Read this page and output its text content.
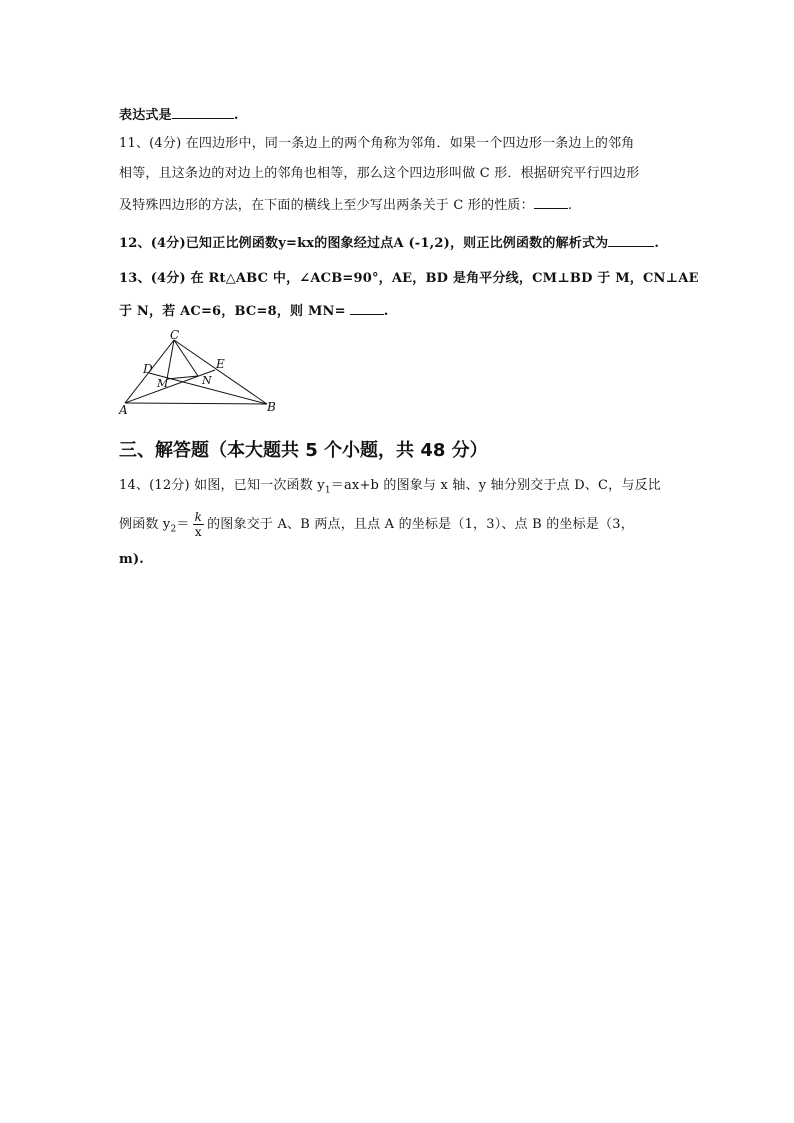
表达式是	.
11、(4分) 在四边形中，同一条边上的两个角称为邻角．如果一个四边形一条边上的邻角
相等，且这条边的对边上的邻角也相等，那么这个四边形叫做 C 形．根据研究平行四边形
及特殊四边形的方法，在下面的横线上至少写出两条关于 C 形的性质：	.
12、(4分)已知正比例函数y=kx的图象经过点A (-1,2)，则正比例函数的解析式为	.
13、(4分) 在 Rt△ABC 中，∠ACB=90°，AE，BD 是角平分线，CM⊥BD 于 M，CN⊥AE
于 N，若 AC=6，BC=8，则 MN=	.
C
D	E
M	N
A	B
三、解答题（本大题共 5 个小题，共 48 分）
14、(12分) 如图，已知一次函数 $y_1=ax+b$ 的图象与 x 轴、y 轴分别交于点 D、C，与反比
例函数 $y_2= \frac{k}{x}$ 的图象交于 A、B 两点，且点 A 的坐标是（1，3）、点 B 的坐标是（3，
m).
